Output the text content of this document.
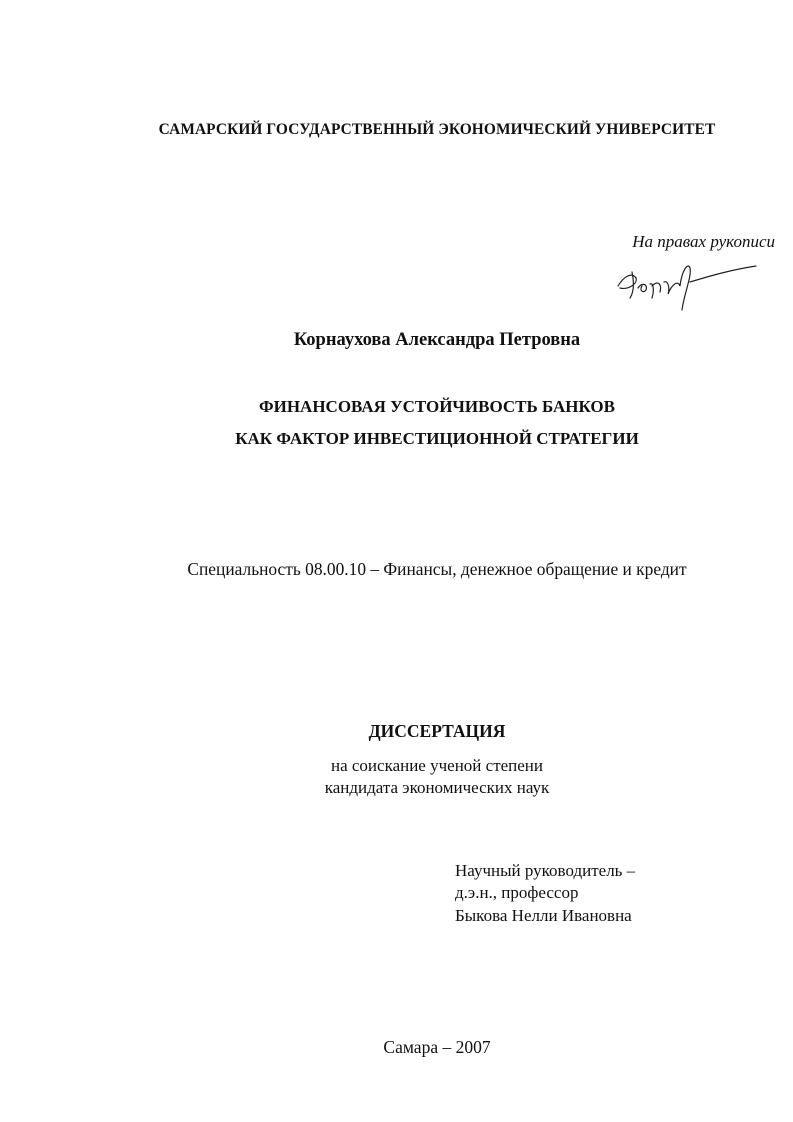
САМАРСКИЙ ГОСУДАРСТВЕННЫЙ ЭКОНОМИЧЕСКИЙ УНИВЕРСИТЕТ
На правах рукописи
Корнаухова Александра Петровна
ФИНАНСОВАЯ УСТОЙЧИВОСТЬ БАНКОВ
КАК ФАКТОР ИНВЕСТИЦИОННОЙ СТРАТЕГИИ
Специальность 08.00.10 – Финансы, денежное обращение и кредит
ДИССЕРТАЦИЯ
на соискание ученой степени
кандидата экономических наук
Научный руководитель –
д.э.н., профессор
Быкова Нелли Ивановна
Самара – 2007
